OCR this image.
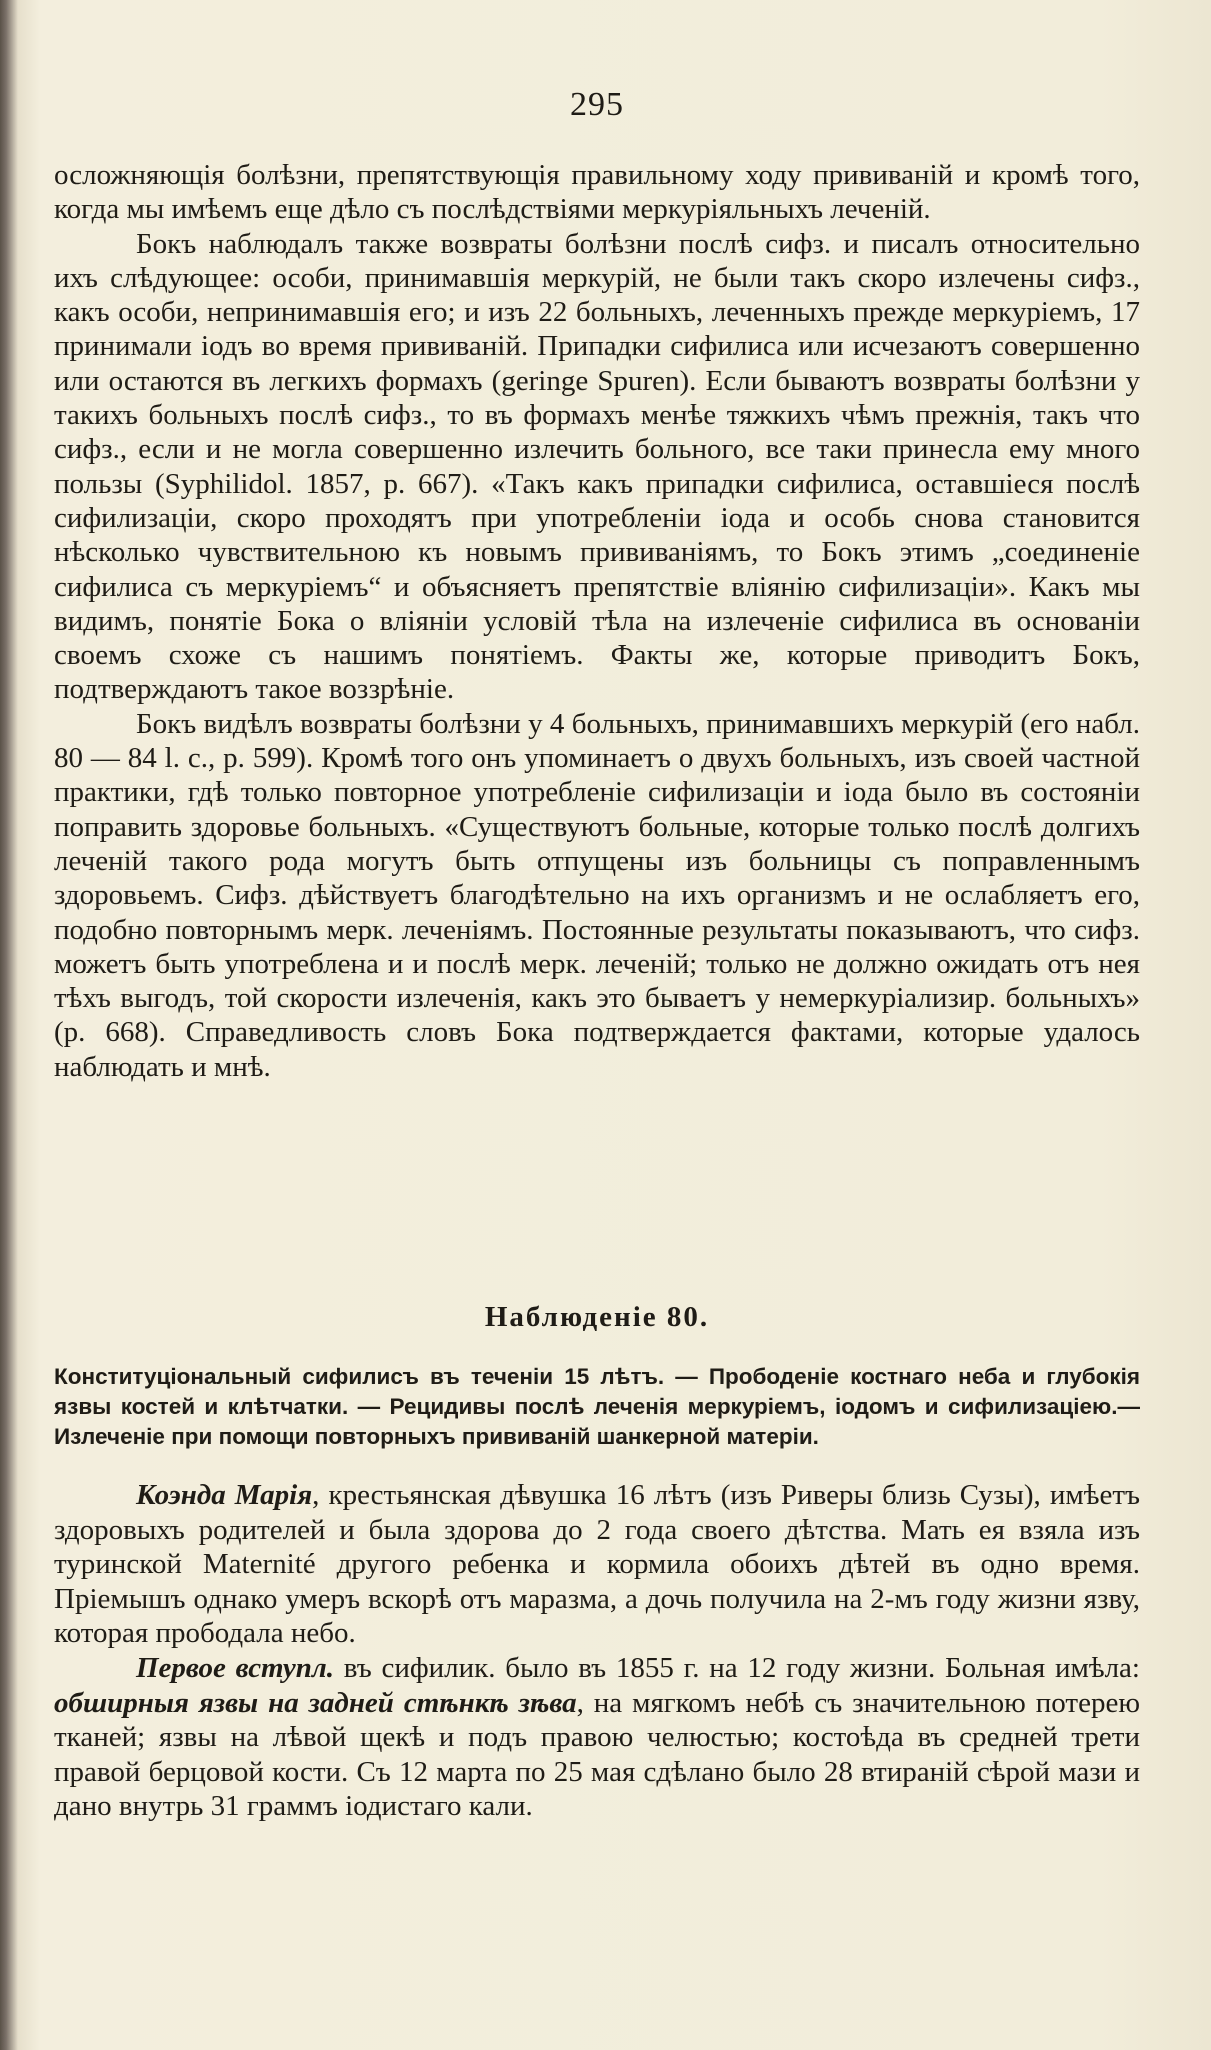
295

осложняющія болѣзни, препятствующія правильному ходу прививаній и кромѣ того, когда мы имѣемъ еще дѣло съ послѣдствіями меркуріяльныхъ леченій.

Бокъ наблюдалъ также возвраты болѣзни послѣ сифз. и писалъ относительно ихъ слѣдующее: особи, принимавшія меркурій, не были такъ скоро излечены сифз., какъ особи, непринимавшія его; и изъ 22 больныхъ, леченныхъ прежде меркуріемъ, 17 принимали іодъ во время прививаній. Припадки сифилиса или исчезаютъ совершенно или остаются въ легкихъ формахъ (geringe Spuren). Если бываютъ возвраты болѣзни у такихъ больныхъ послѣ сифз., то въ формахъ менѣе тяжкихъ чѣмъ прежнія, такъ что сифз., если и не могла совершенно излечить больного, все таки принесла ему много пользы (Syphilidol. 1857, p. 667). «Такъ какъ припадки сифилиса, оставшіеся послѣ сифилизаціи, скоро проходятъ при употребленіи іода и особь снова становится нѣсколько чувствительною къ новымъ прививаніямъ, то Бокъ этимъ „соединеніе сифилиса съ меркуріемъ“ и объясняетъ препятствіе вліянію сифилизаціи». Какъ мы видимъ, понятіе Бока о вліяніи условій тѣла на излеченіе сифилиса въ основаніи своемъ схоже съ нашимъ понятіемъ. Факты же, которые приводитъ Бокъ, подтверждаютъ такое воззрѣніе.

Бокъ видѣлъ возвраты болѣзни у 4 больныхъ, принимавшихъ меркурій (его набл. 80 — 84 l. c., p. 599). Кромѣ того онъ упоминаетъ о двухъ больныхъ, изъ своей частной практики, гдѣ только повторное употребленіе сифилизаціи и іода было въ состояніи поправить здоровье больныхъ. «Существуютъ больные, которые только послѣ долгихъ леченій такого рода могутъ быть отпущены изъ больницы съ поправленнымъ здоровьемъ. Сифз. дѣйствуетъ благодѣтельно на ихъ организмъ и не ослабляетъ его, подобно повторнымъ мерк. леченіямъ. Постоянные результаты показываютъ, что сифз. можетъ быть употреблена и и послѣ мерк. леченій; только не должно ожидать отъ нея тѣхъ выгодъ, той скорости излеченія, какъ это бываетъ у немеркуріализир. больныхъ» (p. 668). Справедливость словъ Бока подтверждается фактами, которые удалось наблюдать и мнѣ.

Наблюденіе 80.
Конституціональный сифилисъ въ теченіи 15 лѣтъ. — Прободеніе костнаго неба и глубокія язвы костей и клѣтчатки. — Рецидивы послѣ леченія меркуріемъ, іодомъ и сифилизаціею.—Излеченіе при помощи повторныхъ прививаній шанкерной матеріи.

Коэнда Марія, крестьянская дѣвушка 16 лѣтъ (изъ Риверы близь Сузы), имѣетъ здоровыхъ родителей и была здорова до 2 года своего дѣтства. Мать ея взяла изъ туринской Maternité другого ребенка и кормила обоихъ дѣтей въ одно время. Пріемышъ однако умеръ вскорѣ отъ маразма, а дочь получила на 2-мъ году жизни язву, которая прободала небо.

Первое вступл. въ сифилик. было въ 1855 г. на 12 году жизни. Больная имѣла: обширныя язвы на задней стѣнкѣ зѣва, на мягкомъ небѣ съ значительною потерею тканей; язвы на лѣвой щекѣ и подъ правою челюстью; костоѣда въ средней трети правой берцовой кости. Съ 12 марта по 25 мая сдѣлано было 28 втираній сѣрой мази и дано внутрь 31 граммъ іодистаго кали.
